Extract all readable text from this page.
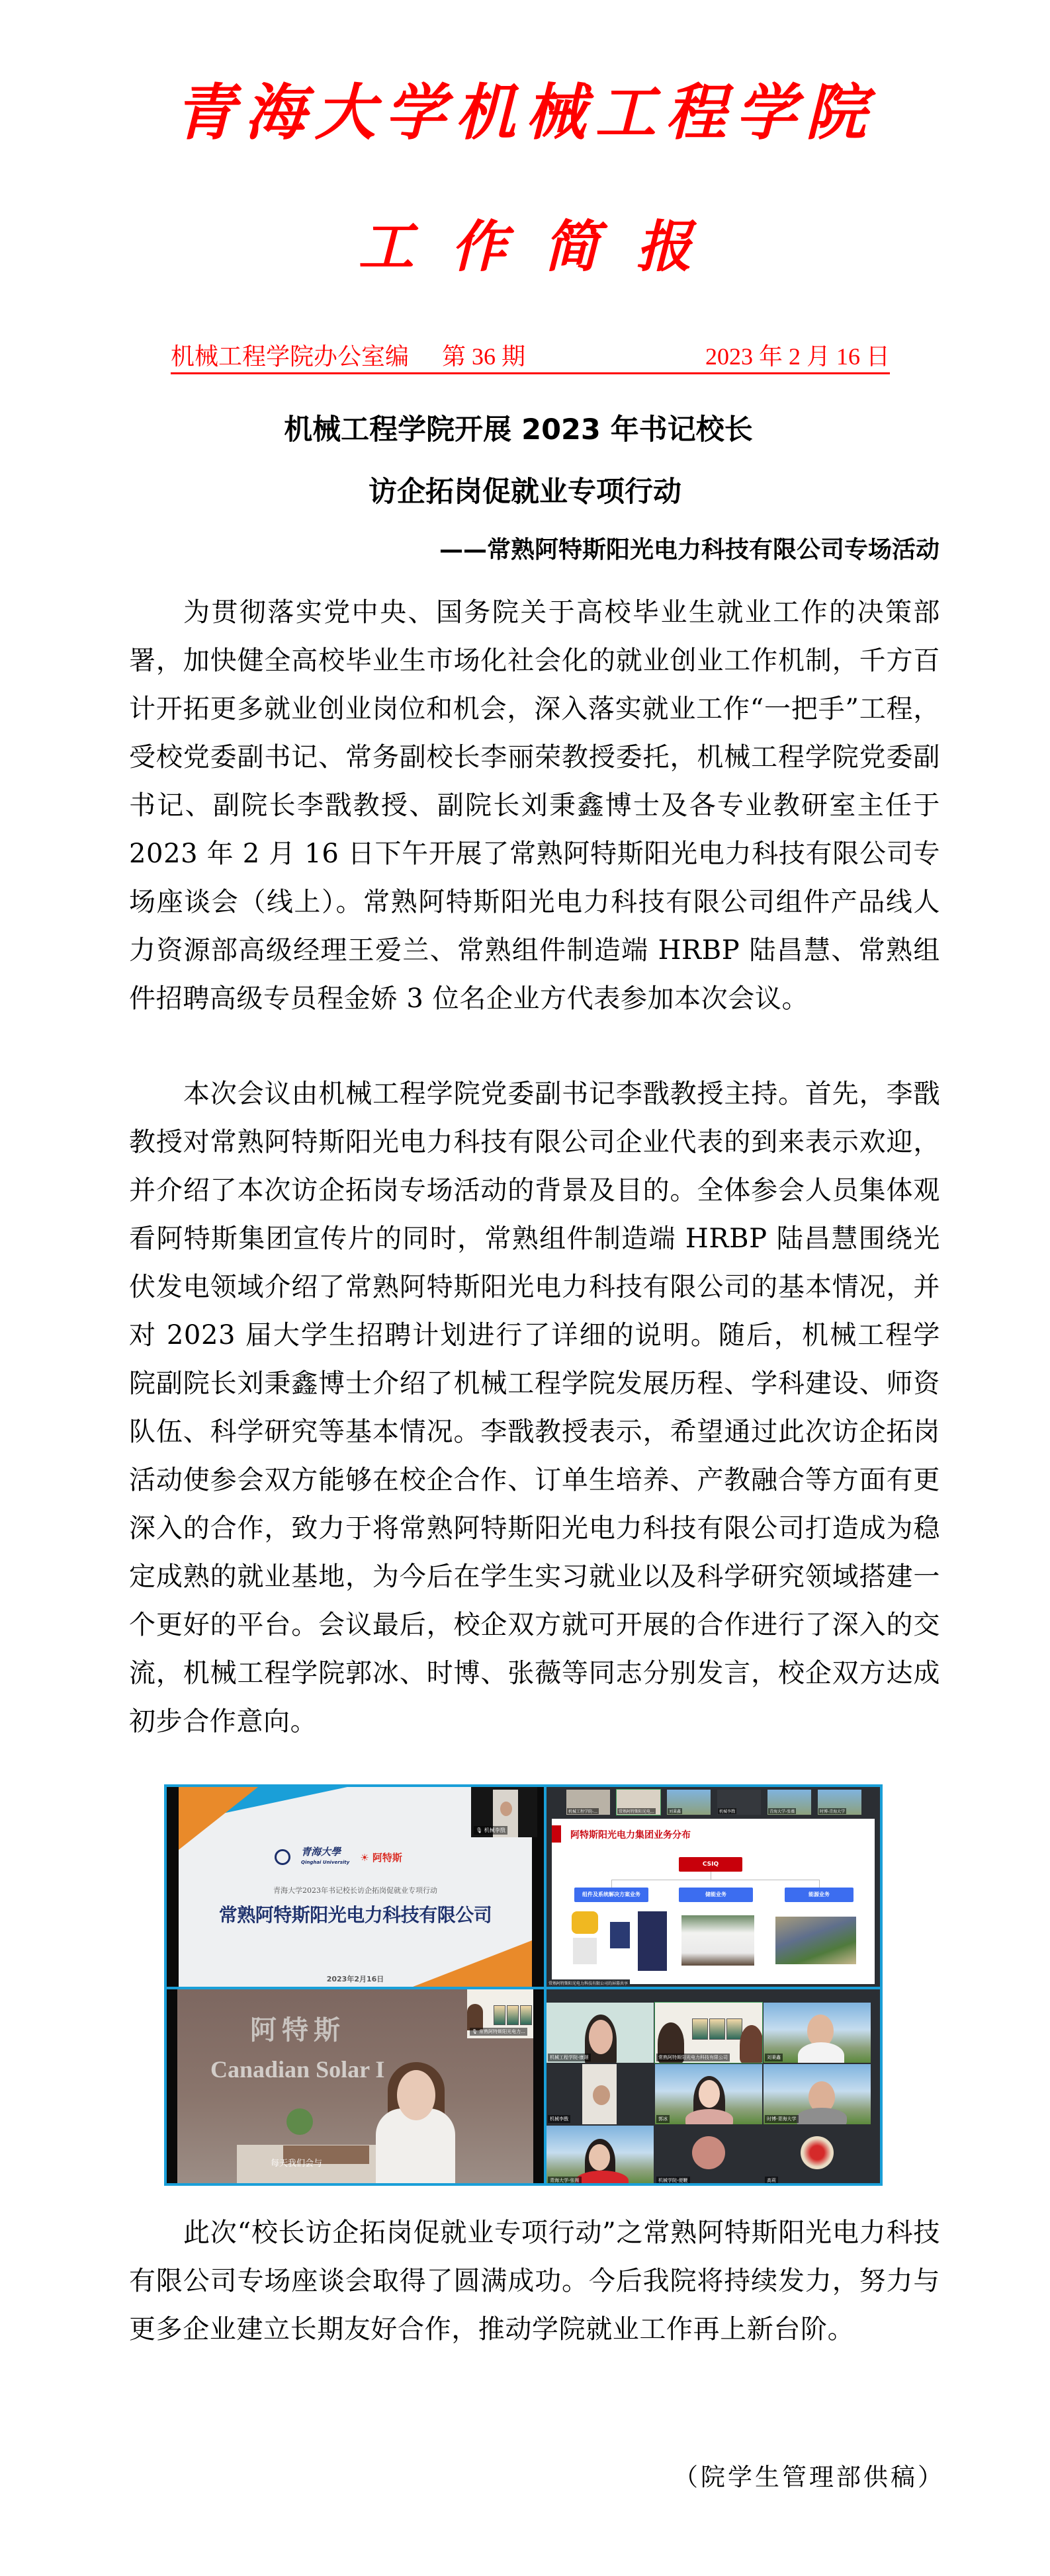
青海大学机械工程学院
工作简报
机械工程学院办公室编 第 36 期	2023 年 2 月 16 日
机械工程学院开展 2023 年书记校长
访企拓岗促就业专项行动
——常熟阿特斯阳光电力科技有限公司专场活动

为贯彻落实党中央、国务院关于高校毕业生就业工作的决策部署，加快健全高校毕业生市场化社会化的就业创业工作机制，千方百计开拓更多就业创业岗位和机会，深入落实就业工作“一把手”工程，受校党委副书记、常务副校长李丽荣教授委托，机械工程学院党委副书记、副院长李戬教授、副院长刘秉鑫博士及各专业教研室主任于 2023 年 2 月 16 日下午开展了常熟阿特斯阳光电力科技有限公司专场座谈会（线上）。常熟阿特斯阳光电力科技有限公司组件产品线人力资源部高级经理王爱兰、常熟组件制造端 HRBP 陆昌慧、常熟组件招聘高级专员程金娇 3 位名企业方代表参加本次会议。

本次会议由机械工程学院党委副书记李戬教授主持。首先，李戬教授对常熟阿特斯阳光电力科技有限公司企业代表的到来表示欢迎，并介绍了本次访企拓岗专场活动的背景及目的。全体参会人员集体观看阿特斯集团宣传片的同时，常熟组件制造端 HRBP 陆昌慧围绕光伏发电领域介绍了常熟阿特斯阳光电力科技有限公司的基本情况，并对 2023 届大学生招聘计划进行了详细的说明。随后，机械工程学院副院长刘秉鑫博士介绍了机械工程学院发展历程、学科建设、师资队伍、科学研究等基本情况。李戬教授表示，希望通过此次访企拓岗活动使参会双方能够在校企合作、订单生培养、产教融合等方面有更深入的合作，致力于将常熟阿特斯阳光电力科技有限公司打造成为稳定成熟的就业基地，为今后在学生实习就业以及科学研究领域搭建一个更好的平台。会议最后，校企双方就可开展的合作进行了深入的交流，机械工程学院郭冰、时博、张薇等同志分别发言，校企双方达成初步合作意向。

青海大學
Qinghai University ☀ 阿特斯
青海大学2023年书记校长访企拓岗促就业专项行动
常熟阿特斯阳光电力科技有限公司
2023年2月16日
🎙 机械李戬
机械工程学院-...	常熟阿特斯阳光电...	刘秉鑫	机械李戬	青海大学-张薇	时博-青海大学
阿特斯阳光电力集团业务分布
CSIQ
组件及系统解决方案业务	储能业务	能源业务
常熟阿特斯阳光电力科技有限公司的屏幕共享
阿特斯
Canadian Solar I
每天我们会与
🎙 常熟阿特斯阳光电力...
机械工程学院-康璟	常熟阿特斯阳光电力科技有限公司	刘秉鑫
机械李戬	郭冰	时博-青海大学
青海大学-张薇	机械学院-便鞭	高莉

此次“校长访企拓岗促就业专项行动”之常熟阿特斯阳光电力科技有限公司专场座谈会取得了圆满成功。今后我院将持续发力，努力与更多企业建立长期友好合作，推动学院就业工作再上新台阶。

（院学生管理部供稿）
